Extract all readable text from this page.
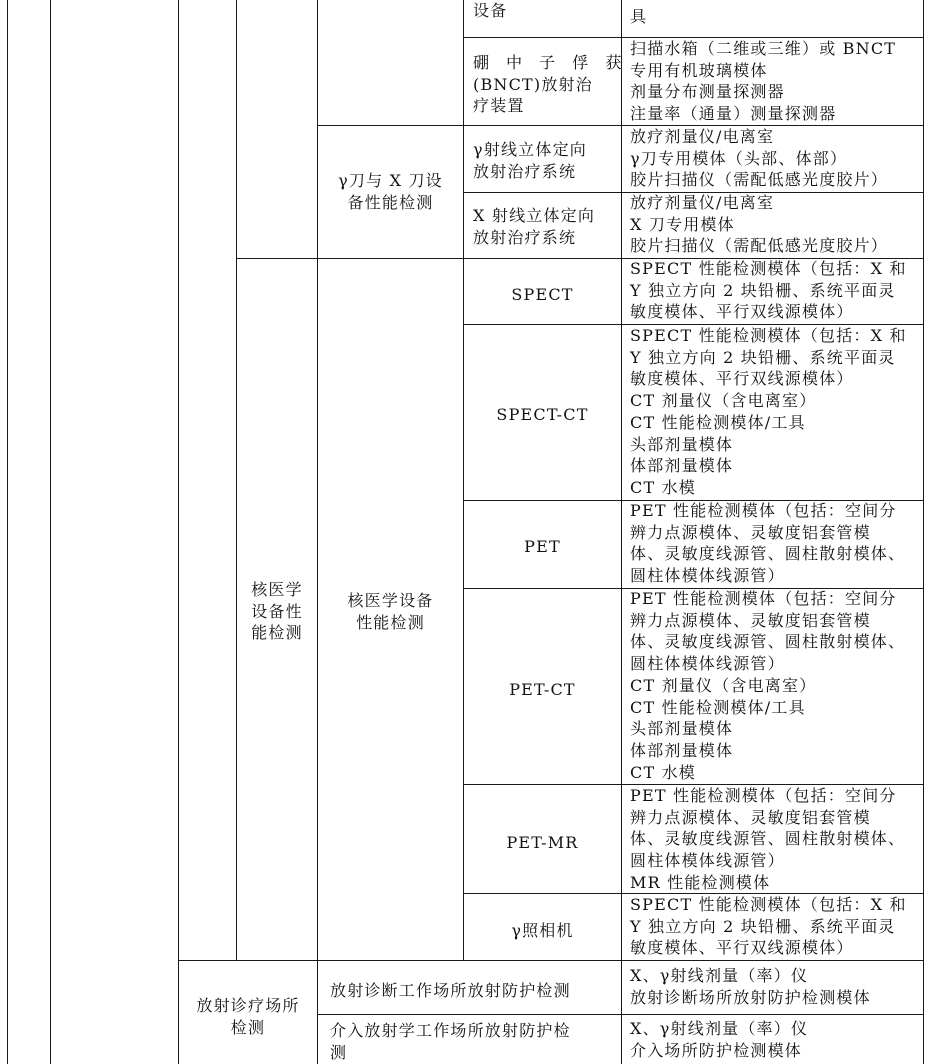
设备	具
硼 中 子 俘 获
(BNCT)放射治
疗装置
扫描水箱（二维或三维）或 BNCT
专用有机玻璃模体
剂量分布测量探测器
注量率（通量）测量探测器
γ刀与 X 刀设
备性能检测
γ射线立体定向
放射治疗系统
放疗剂量仪/电离室
γ刀专用模体（头部、体部）
胶片扫描仪（需配低感光度胶片）
X 射线立体定向
放射治疗系统
放疗剂量仪/电离室
X 刀专用模体
胶片扫描仪（需配低感光度胶片）
核医学
设备性
能检测
核医学设备
性能检测
SPECT
SPECT 性能检测模体（包括：X 和
Y 独立方向 2 块铅栅、系统平面灵
敏度模体、平行双线源模体）
SPECT-CT
SPECT 性能检测模体（包括：X 和
Y 独立方向 2 块铅栅、系统平面灵
敏度模体、平行双线源模体）
CT 剂量仪（含电离室）
CT 性能检测模体/工具
头部剂量模体
体部剂量模体
CT 水模
PET
PET 性能检测模体（包括：空间分
辨力点源模体、灵敏度铝套管模
体、灵敏度线源管、圆柱散射模体、
圆柱体模体线源管）
PET-CT
PET 性能检测模体（包括：空间分
辨力点源模体、灵敏度铝套管模
体、灵敏度线源管、圆柱散射模体、
圆柱体模体线源管）
CT 剂量仪（含电离室）
CT 性能检测模体/工具
头部剂量模体
体部剂量模体
CT 水模
PET-MR
PET 性能检测模体（包括：空间分
辨力点源模体、灵敏度铝套管模
体、灵敏度线源管、圆柱散射模体、
圆柱体模体线源管）
MR 性能检测模体
γ照相机
SPECT 性能检测模体（包括：X 和
Y 独立方向 2 块铅栅、系统平面灵
敏度模体、平行双线源模体）
放射诊疗场所
检测
放射诊断工作场所放射防护检测
X、γ射线剂量（率）仪
放射诊断场所放射防护检测模体
介入放射学工作场所放射防护检
测
X、γ射线剂量（率）仪
介入场所防护检测模体
